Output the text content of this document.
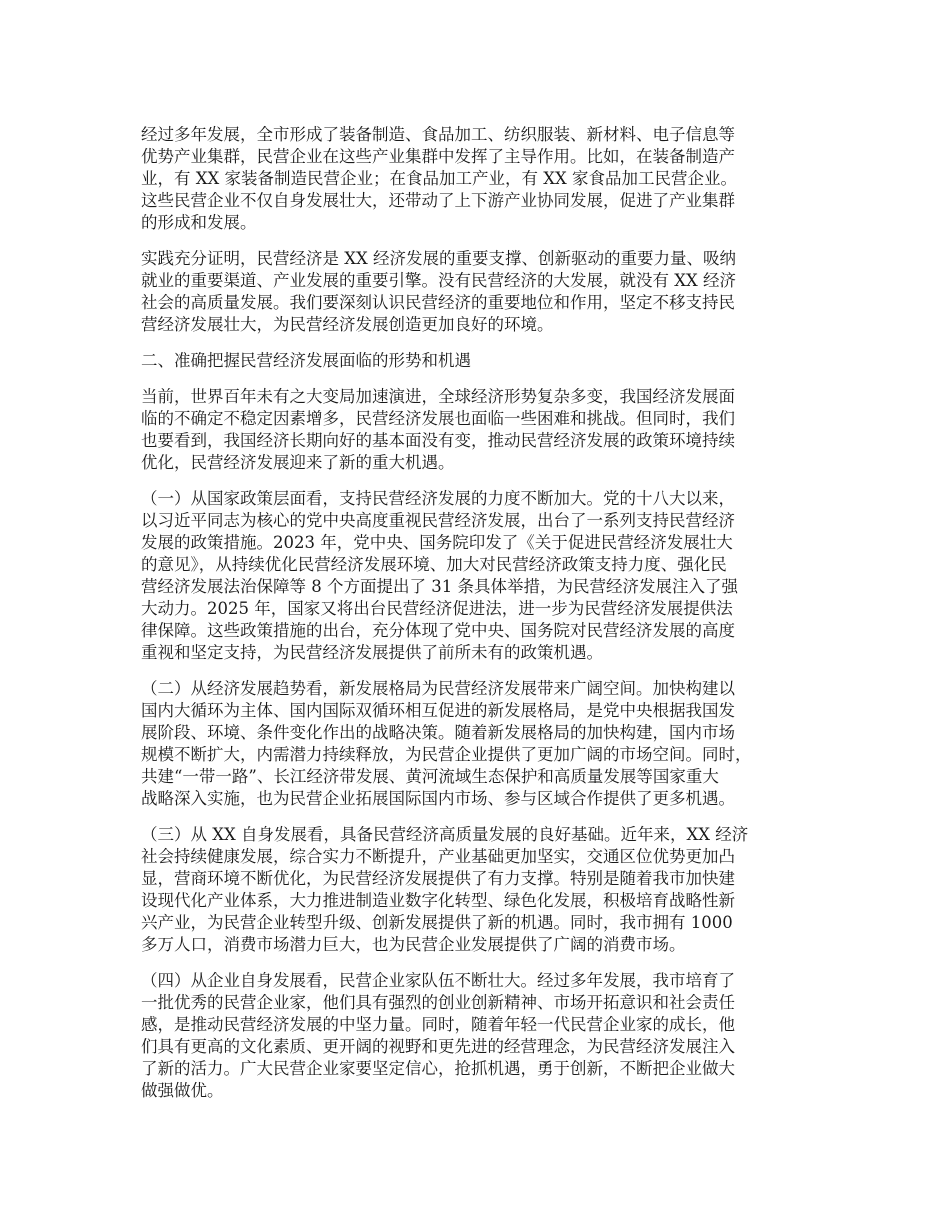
经过多年发展，全市形成了装备制造、食品加工、纺织服装、新材料、电子信息等
优势产业集群，民营企业在这些产业集群中发挥了主导作用。比如，在装备制造产
业，有 XX 家装备制造民营企业；在食品加工产业，有 XX 家食品加工民营企业。
这些民营企业不仅自身发展壮大，还带动了上下游产业协同发展，促进了产业集群
的形成和发展。

实践充分证明，民营经济是 XX 经济发展的重要支撑、创新驱动的重要力量、吸纳
就业的重要渠道、产业发展的重要引擎。没有民营经济的大发展，就没有 XX 经济
社会的高质量发展。我们要深刻认识民营经济的重要地位和作用，坚定不移支持民
营经济发展壮大，为民营经济发展创造更加良好的环境。

二、准确把握民营经济发展面临的形势和机遇

当前，世界百年未有之大变局加速演进，全球经济形势复杂多变，我国经济发展面
临的不确定不稳定因素增多，民营经济发展也面临一些困难和挑战。但同时，我们
也要看到，我国经济长期向好的基本面没有变，推动民营经济发展的政策环境持续
优化，民营经济发展迎来了新的重大机遇。

（一）从国家政策层面看，支持民营经济发展的力度不断加大。党的十八大以来，
以习近平同志为核心的党中央高度重视民营经济发展，出台了一系列支持民营经济
发展的政策措施。2023 年，党中央、国务院印发了《关于促进民营经济发展壮大
的意见》，从持续优化民营经济发展环境、加大对民营经济政策支持力度、强化民
营经济发展法治保障等 8 个方面提出了 31 条具体举措，为民营经济发展注入了强
大动力。2025 年，国家又将出台民营经济促进法，进一步为民营经济发展提供法
律保障。这些政策措施的出台，充分体现了党中央、国务院对民营经济发展的高度
重视和坚定支持，为民营经济发展提供了前所未有的政策机遇。

（二）从经济发展趋势看，新发展格局为民营经济发展带来广阔空间。加快构建以
国内大循环为主体、国内国际双循环相互促进的新发展格局，是党中央根据我国发
展阶段、环境、条件变化作出的战略决策。随着新发展格局的加快构建，国内市场
规模不断扩大，内需潜力持续释放，为民营企业提供了更加广阔的市场空间。同时，
共建“一带一路”、长江经济带发展、黄河流域生态保护和高质量发展等国家重大
战略深入实施，也为民营企业拓展国际国内市场、参与区域合作提供了更多机遇。

（三）从 XX 自身发展看，具备民营经济高质量发展的良好基础。近年来，XX 经济
社会持续健康发展，综合实力不断提升，产业基础更加坚实，交通区位优势更加凸
显，营商环境不断优化，为民营经济发展提供了有力支撑。特别是随着我市加快建
设现代化产业体系，大力推进制造业数字化转型、绿色化发展，积极培育战略性新
兴产业，为民营企业转型升级、创新发展提供了新的机遇。同时，我市拥有 1000
多万人口，消费市场潜力巨大，也为民营企业发展提供了广阔的消费市场。

（四）从企业自身发展看，民营企业家队伍不断壮大。经过多年发展，我市培育了
一批优秀的民营企业家，他们具有强烈的创业创新精神、市场开拓意识和社会责任
感，是推动民营经济发展的中坚力量。同时，随着年轻一代民营企业家的成长，他
们具有更高的文化素质、更开阔的视野和更先进的经营理念，为民营经济发展注入
了新的活力。广大民营企业家要坚定信心，抢抓机遇，勇于创新，不断把企业做大
做强做优。
